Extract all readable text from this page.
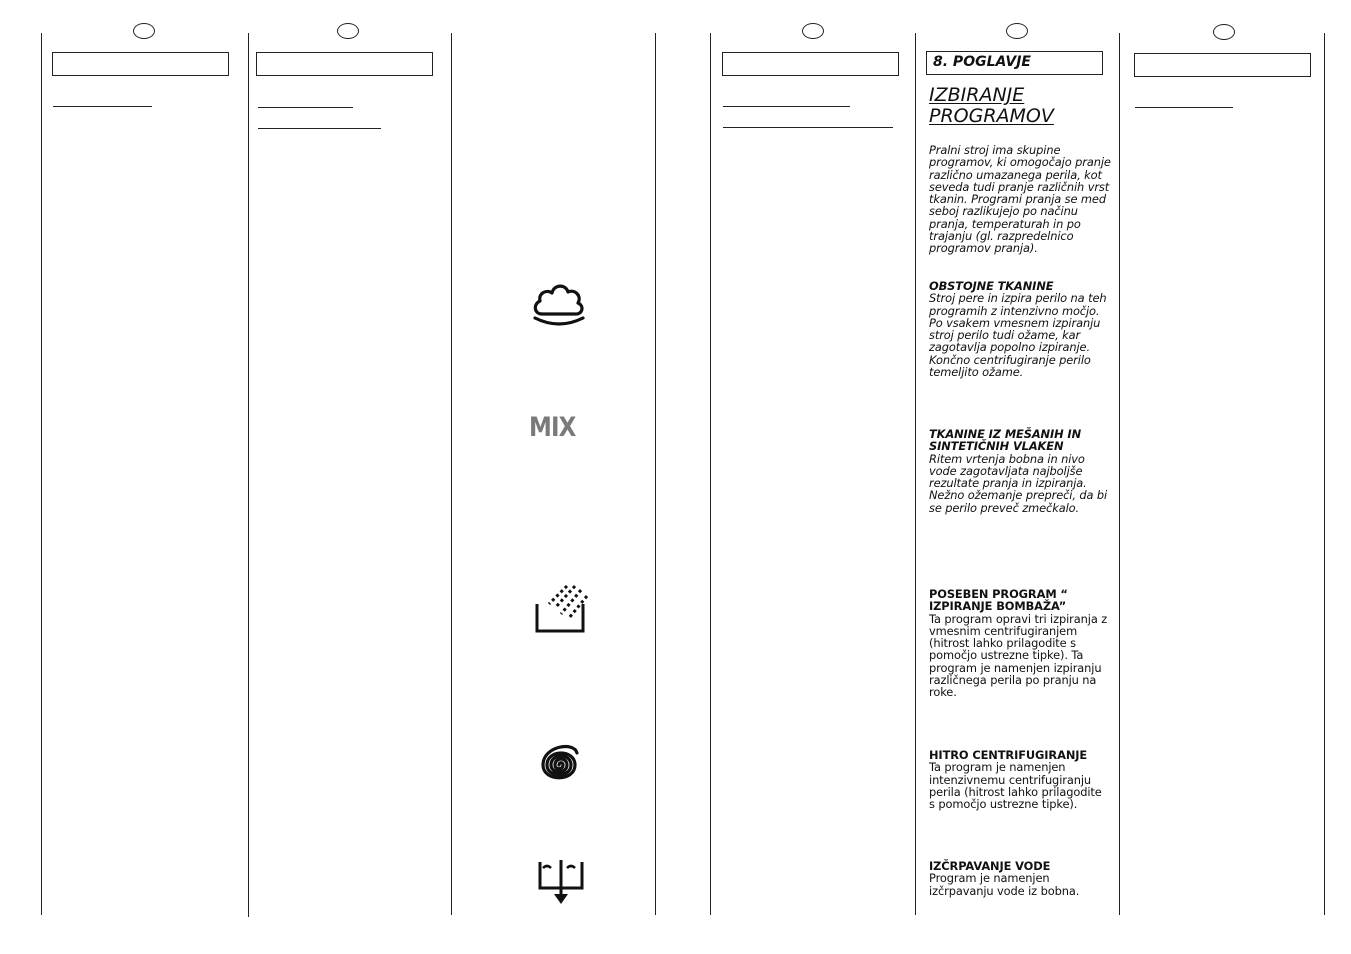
8. POGLAVJE
IZBIRANJE PROGRAMOV

Pralni stroj ima skupine programov, ki omogočajo pranje različno umazanega perila, kot seveda tudi pranje različnih vrst tkanin. Programi pranja se med seboj razlikujejo po načinu pranja, temperaturah in po trajanju (gl. razpredelnico programov pranja).

OBSTOJNE TKANINE
Stroj pere in izpira perilo na teh programih z intenzivno močjo. Po vsakem vmesnem izpiranju stroj perilo tudi ožame, kar zagotavlja popolno izpiranje. Končno centrifugiranje perilo temeljito ožame.

TKANINE IZ MEŠANIH IN SINTETIČNIH VLAKEN
Ritem vrtenja bobna in nivo vode zagotavljata najboljše rezultate pranja in izpiranja. Nežno ožemanje prepreči, da bi se perilo preveč zmečkalo.

POSEBEN PROGRAM “ IZPIRANJE BOMBAŽA”
Ta program opravi tri izpiranja z vmesnim centrifugiranjem (hitrost lahko prilagodite s pomočjo ustrezne tipke). Ta program je namenjen izpiranju različnega perila po pranju na roke.

HITRO CENTRIFUGIRANJE
Ta program je namenjen intenzivnemu centrifugiranju perila (hitrost lahko prilagodite s pomočjo ustrezne tipke).

IZČRPAVANJE VODE
Program je namenjen izčrpavanju vode iz bobna.

MIX
